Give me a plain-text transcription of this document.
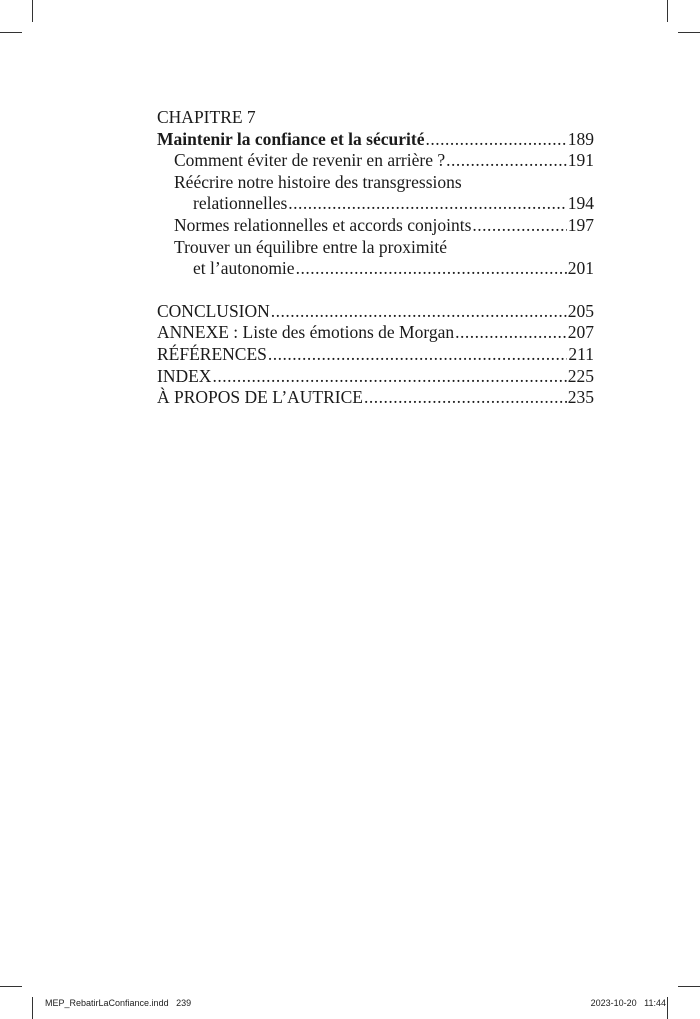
CHAPITRE 7
Maintenir la confiance et la sécurité .....	189
Comment éviter de revenir en arrière ? .....	191
Réécrire notre histoire des transgressions
relationnelles .....	194
Normes relationnelles et accords conjoints .....	197
Trouver un équilibre entre la proximité
et l’autonomie .....	201
CONCLUSION .....	205
ANNEXE : Liste des émotions de Morgan .....	207
RÉFÉRENCES .....	211
INDEX .....	225
À PROPOS DE L’AUTRICE .....	235
MEP_RebatirLaConfiance.indd   239	2023-10-20   11:44
